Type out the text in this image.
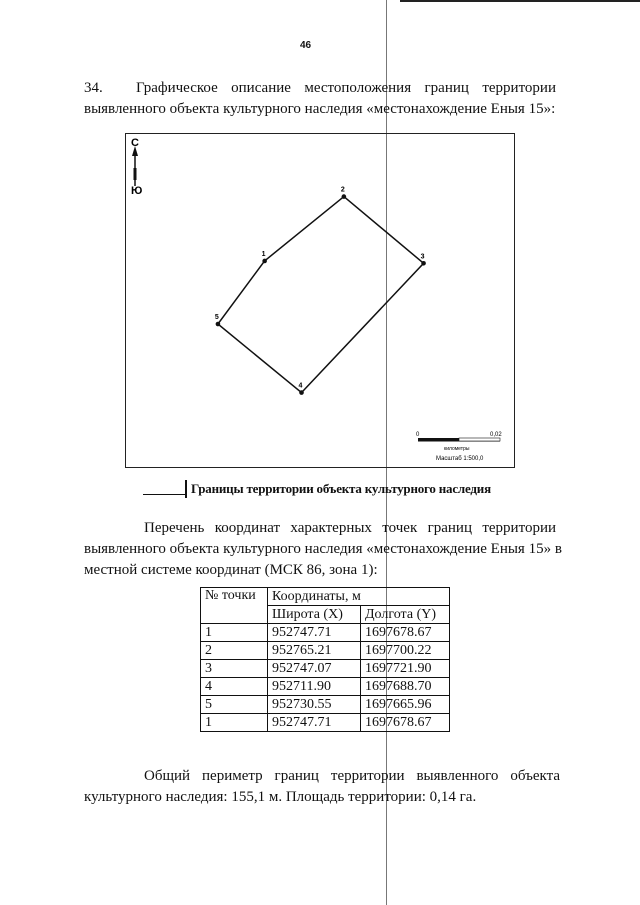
46
34. Графическое описание местоположения границ территории
выявленного объекта культурного наследия «местонахождение Еныя 15»:
С
Ю
1
2
3
4
5
0	0,02
километры
Масштаб 1:500,0
Границы территории объекта культурного наследия
Перечень координат характерных точек границ территории
выявленного объекта культурного наследия «местонахождение Еныя 15» в
местной системе координат (МСК 86, зона 1):
№ точки	Координаты, м	
	Широта (X)	Долгота (Y)
1	952747.71	1697678.67
2	952765.21	1697700.22
3	952747.07	1697721.90
4	952711.90	1697688.70
5	952730.55	1697665.96
1	952747.71	1697678.67
Общий периметр границ территории выявленного объекта
культурного наследия: 155,1 м. Площадь территории: 0,14 га.
